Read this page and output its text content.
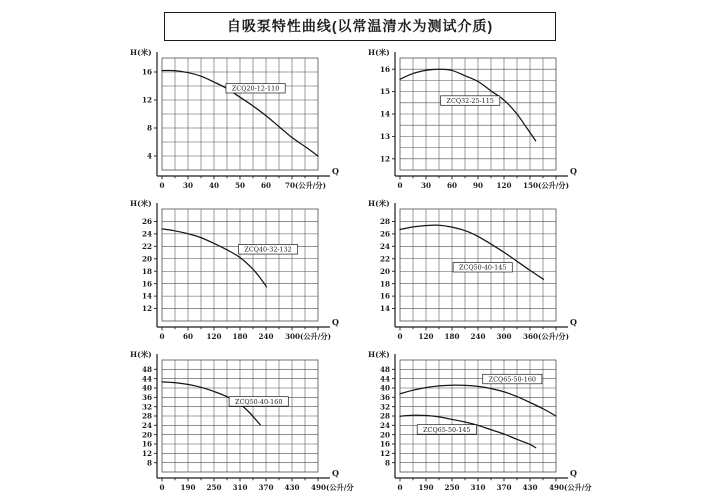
自吸泵特性曲线(以常温清水为测试介质)
H(米)
16
12
8
4
0	30 40 50 60 70(公升/分)
Q
ZCQ20-12-110
H(米)
16
15
14
13
12
0	30 60 90 120 150(公升/分)
Q
ZCQ32-25-115
H(米)
26
24
22
20
18
16
14
12
0	60 120 180 240 300(公升/分)
Q
ZCQ40-32-132
H(米)
28
26
24
22
20
18
16
14
0 120 180 240 300 360(公升/分)
Q
ZCQ50-40-145
H(米)
48
44
40
36
32
28
24
20
16
12
8
0 190 250 310 370 430 490(公升/分)
Q
ZCQ50-40-160
H(米)
48
44
40
36
32
28
24
20
16
12
8
0 190 250 310 370 430 490(公升/分)
Q
ZCQ65-50-160
ZCQ65-50-145
